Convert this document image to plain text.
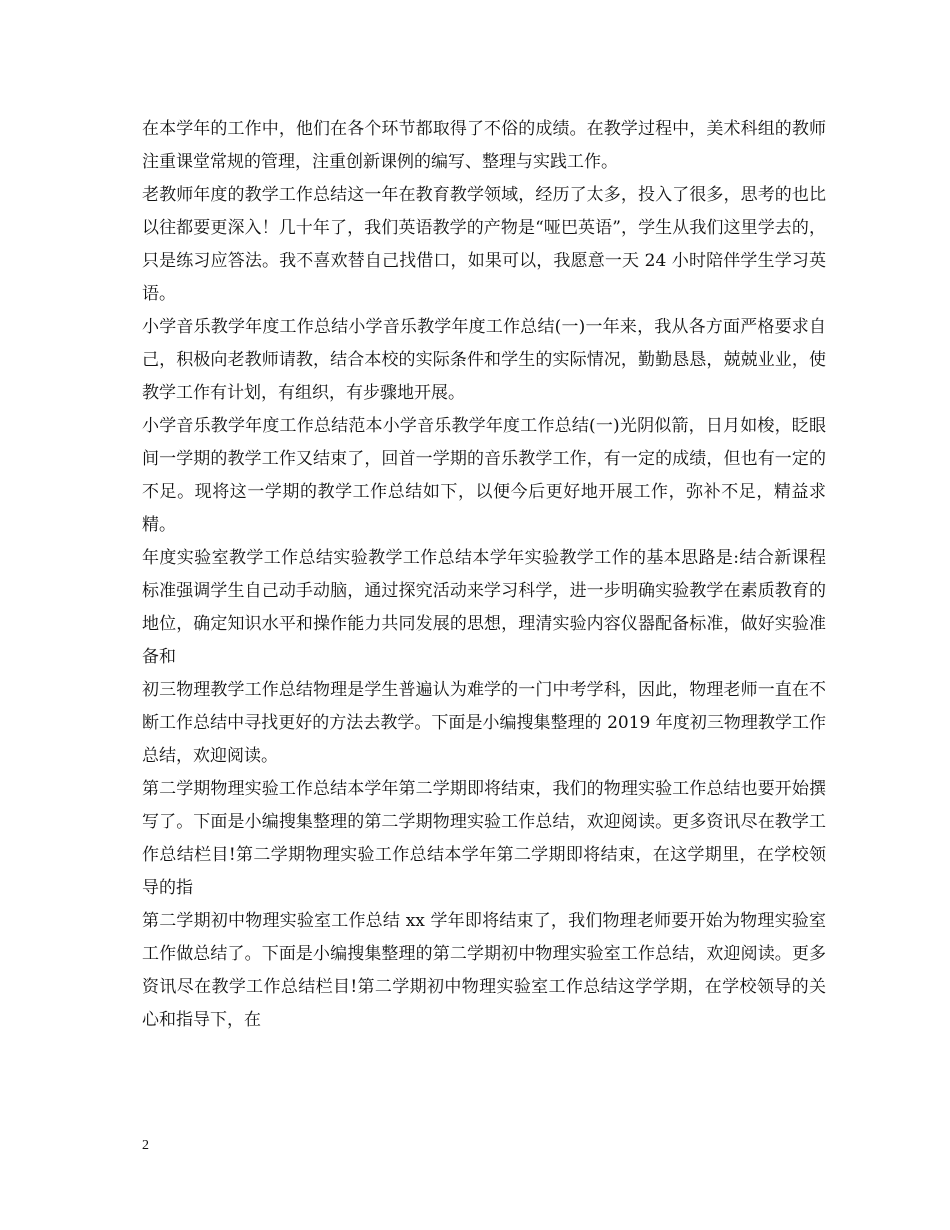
在本学年的工作中，他们在各个环节都取得了不俗的成绩。在教学过程中，美术科组的教师注重课堂常规的管理，注重创新课例的编写、整理与实践工作。

老教师年度的教学工作总结这一年在教育教学领域，经历了太多，投入了很多，思考的也比以往都要更深入！几十年了，我们英语教学的产物是“哑巴英语”，学生从我们这里学去的，只是练习应答法。我不喜欢替自己找借口，如果可以，我愿意一天 24 小时陪伴学生学习英语。

小学音乐教学年度工作总结小学音乐教学年度工作总结(一)一年来，我从各方面严格要求自己，积极向老教师请教，结合本校的实际条件和学生的实际情况，勤勤恳恳，兢兢业业，使教学工作有计划，有组织，有步骤地开展。

小学音乐教学年度工作总结范本小学音乐教学年度工作总结(一)光阴似箭，日月如梭，眨眼间一学期的教学工作又结束了，回首一学期的音乐教学工作，有一定的成绩，但也有一定的不足。现将这一学期的教学工作总结如下，以便今后更好地开展工作，弥补不足，精益求精。

年度实验室教学工作总结实验教学工作总结本学年实验教学工作的基本思路是:结合新课程标准强调学生自己动手动脑，通过探究活动来学习科学，进一步明确实验教学在素质教育的地位，确定知识水平和操作能力共同发展的思想，理清实验内容仪器配备标准，做好实验准备和

初三物理教学工作总结物理是学生普遍认为难学的一门中考学科，因此，物理老师一直在不断工作总结中寻找更好的方法去教学。下面是小编搜集整理的 2019 年度初三物理教学工作总结，欢迎阅读。

第二学期物理实验工作总结本学年第二学期即将结束，我们的物理实验工作总结也要开始撰写了。下面是小编搜集整理的第二学期物理实验工作总结，欢迎阅读。更多资讯尽在教学工作总结栏目!第二学期物理实验工作总结本学年第二学期即将结束，在这学期里，在学校领导的指

第二学期初中物理实验室工作总结 xx 学年即将结束了，我们物理老师要开始为物理实验室工作做总结了。下面是小编搜集整理的第二学期初中物理实验室工作总结，欢迎阅读。更多资讯尽在教学工作总结栏目!第二学期初中物理实验室工作总结这学学期，在学校领导的关心和指导下，在

2
